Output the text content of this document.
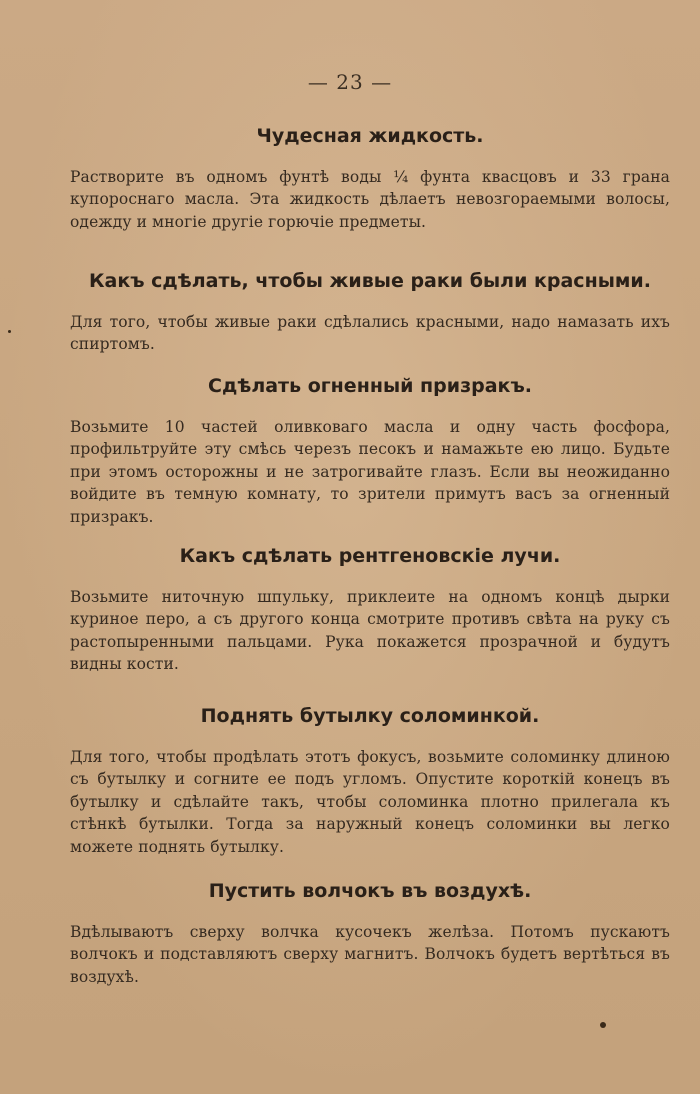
— 23 —
Чудесная жидкость.

Растворите въ одномъ фунтѣ воды ¼ фунта квасцовъ и 33 грана купороснаго масла. Эта жидкость дѣлаетъ невозгораемыми волосы, одежду и многіе другіе горючіе предметы.

Какъ сдѣлать, чтобы живые раки были красными.

Для того, чтобы живые раки сдѣлались красными, надо намазать ихъ спиртомъ.

Сдѣлать огненный призракъ.

Возьмите 10 частей оливковаго масла и одну часть фосфора, профильтруйте эту смѣсь черезъ песокъ и намажьте ею лицо. Будьте при этомъ осторожны и не затрогивайте глазъ. Если вы неожиданно войдите въ темную комнату, то зрители примутъ васъ за огненный призракъ.

Какъ сдѣлать рентгеновскіе лучи.

Возьмите ниточную шпульку, приклеите на одномъ концѣ дырки куриное перо, а съ другого конца смотрите противъ свѣта на руку съ растопыренными пальцами. Рука покажется прозрачной и будутъ видны кости.

Поднять бутылку соломинкой.

Для того, чтобы продѣлать этотъ фокусъ, возьмите соломинку длиною съ бутылку и согните ее подъ угломъ. Опустите короткій конецъ въ бутылку и сдѣлайте такъ, чтобы соломинка плотно прилегала къ стѣнкѣ бутылки. Тогда за наружный конецъ соломинки вы легко можете поднять бутылку.

Пустить волчокъ въ воздухѣ.

Вдѣлываютъ сверху волчка кусочекъ желѣза. Потомъ пускаютъ волчокъ и подставляютъ сверху магнитъ. Волчокъ будетъ вертѣться въ воздухѣ.
